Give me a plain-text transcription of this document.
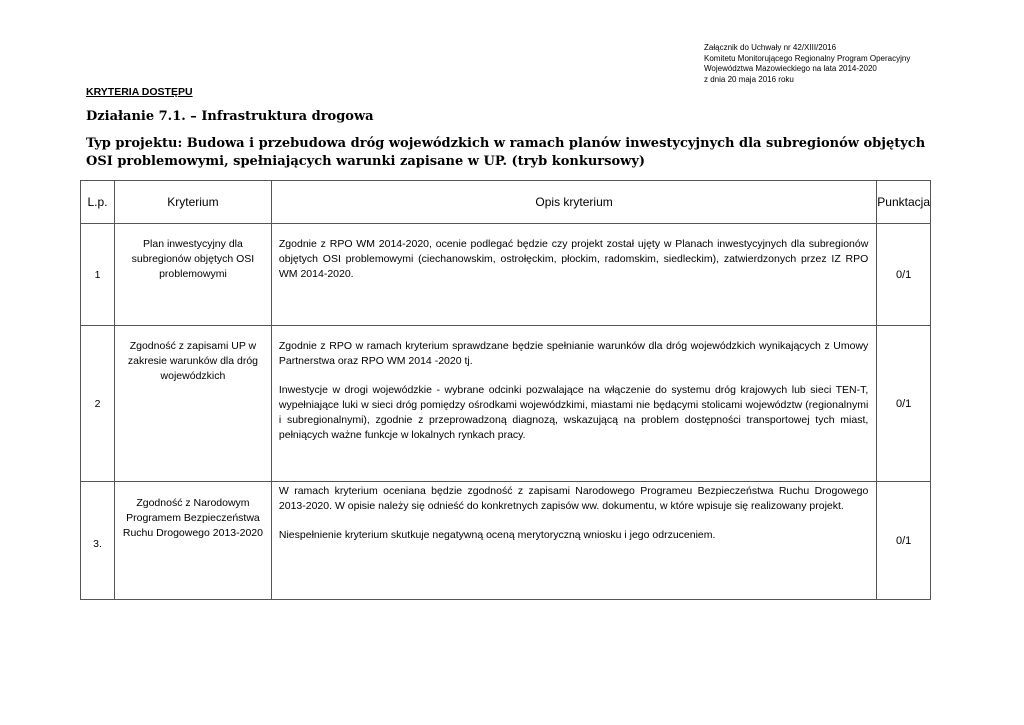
Załącznik do Uchwały nr 42/XIII/2016
Komitetu Monitorującego Regionalny Program Operacyjny
Województwa Mazowieckiego na lata 2014-2020
z dnia 20 maja 2016 roku
KRYTERIA DOSTĘPU
Działanie 7.1. – Infrastruktura drogowa
Typ projektu: Budowa i przebudowa dróg wojewódzkich w ramach planów inwestycyjnych dla subregionów objętych OSI problemowymi, spełniających warunki zapisane w UP. (tryb konkursowy)
L.p.	Kryterium	Opis kryterium	Punktacja
1	Plan inwestycyjny dla subregionów objętych OSI problemowymi	Zgodnie z RPO WM 2014-2020, ocenie podlegać będzie czy projekt został ujęty w Planach inwestycyjnych dla subregionów objętych OSI problemowymi (ciechanowskim, ostrołęckim, płockim, radomskim, siedleckim), zatwierdzonych przez IZ RPO WM 2014-2020.	0/1
2	Zgodność z zapisami UP w zakresie warunków dla dróg wojewódzkich	Zgodnie z RPO w ramach kryterium sprawdzane będzie spełnianie warunków dla dróg wojewódzkich wynikających z Umowy Partnerstwa oraz RPO WM 2014 -2020 tj.

Inwestycje w drogi wojewódzkie - wybrane odcinki pozwalające na włączenie do systemu dróg krajowych lub sieci TEN-T, wypełniające luki w sieci dróg pomiędzy ośrodkami wojewódzkimi, miastami nie będącymi stolicami województw (regionalnymi i subregionalnymi), zgodnie z przeprowadzoną diagnozą, wskazującą na problem dostępności transportowej tych miast, pełniących ważne funkcje w lokalnych rynkach pracy.	0/1
3.	Zgodność z Narodowym Programem Bezpieczeństwa Ruchu Drogowego 2013-2020	W ramach kryterium oceniana będzie zgodność z zapisami Narodowego Programeu Bezpieczeństwa Ruchu Drogowego 2013-2020. W opisie należy się odnieść do konkretnych zapisów ww. dokumentu, w które wpisuje się realizowany projekt.

Niespełnienie kryterium skutkuje negatywną oceną merytoryczną wniosku i jego odrzuceniem.	0/1
